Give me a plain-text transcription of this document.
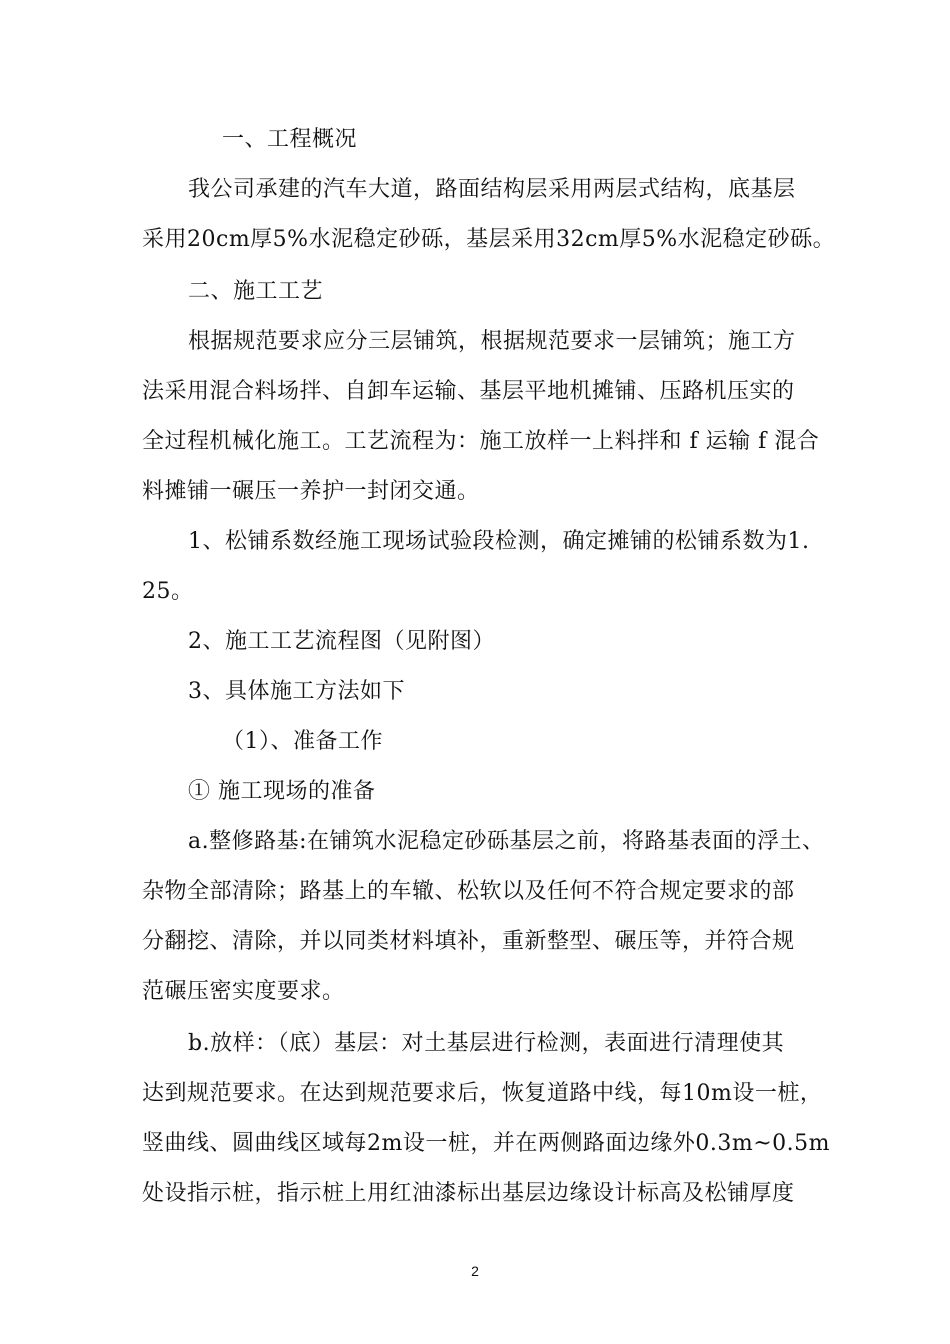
一、工程概况
我公司承建的汽车大道，路面结构层采用两层式结构，底基层
采用20cm厚5%水泥稳定砂砾，基层采用32cm厚5%水泥稳定砂砾。
二、施工工艺
根据规范要求应分三层铺筑，根据规范要求一层铺筑；施工方
法采用混合料场拌、自卸车运输、基层平地机摊铺、压路机压实的
全过程机械化施工。工艺流程为：施工放样一上料拌和 f 运输 f 混合
料摊铺一碾压一养护一封闭交通。
1、松铺系数经施工现场试验段检测，确定摊铺的松铺系数为1.
25。
2、施工工艺流程图（见附图）
3、具体施工方法如下
（1）、准备工作
① 施工现场的准备
a.整修路基:在铺筑水泥稳定砂砾基层之前，将路基表面的浮土、
杂物全部清除；路基上的车辙、松软以及任何不符合规定要求的部
分翻挖、清除，并以同类材料填补，重新整型、碾压等，并符合规
范碾压密实度要求。
b.放样：（底）基层：对土基层进行检测，表面进行清理使其
达到规范要求。在达到规范要求后，恢复道路中线，每10m设一桩，
竖曲线、圆曲线区域每2m设一桩，并在两侧路面边缘外0.3m~0.5m
处设指示桩，指示桩上用红油漆标出基层边缘设计标高及松铺厚度
2
